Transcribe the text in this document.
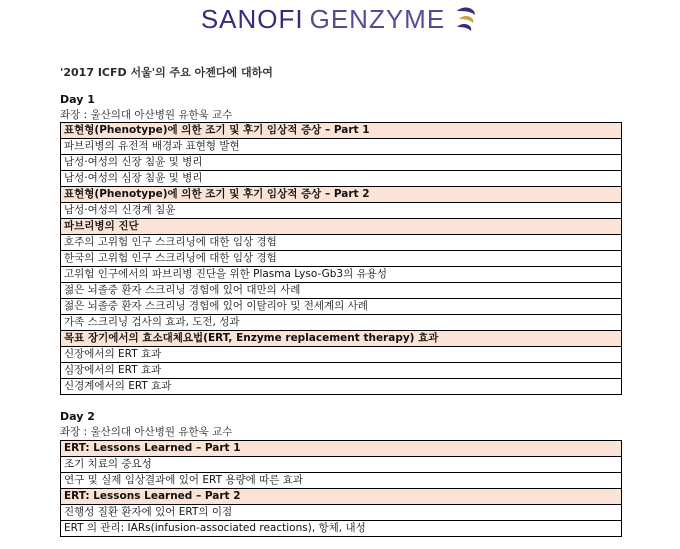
SANOFI GENZYME
'2017 ICFD 서울'의 주요 아젠다에 대하여
Day 1
좌장 : 울산의대 아산병원 유한욱 교수
표현형(Phenotype)에 의한 조기 및 후기 임상적 증상 – Part 1
파브리병의 유전적 배경과 표현형 발현
남성·여성의 신장 침윤 및 병리
남성·여성의 심장 침윤 및 병리
표현형(Phenotype)에 의한 조기 및 후기 임상적 증상 – Part 2
남성·여성의 신경계 침윤
파브리병의 진단
호주의 고위험 인구 스크리닝에 대한 임상 경험
한국의 고위험 인구 스크리닝에 대한 임상 경험
고위험 인구에서의 파브리병 진단을 위한 Plasma Lyso-Gb3의 유용성
젊은 뇌졸중 환자 스크리닝 경험에 있어 대만의 사례
젊은 뇌졸중 환자 스크리닝 경험에 있어 이탈리아 및 전세계의 사례
가족 스크리닝 검사의 효과, 도전, 성과
목표 장기에서의 효소대체요법(ERT, Enzyme replacement therapy) 효과
신장에서의 ERT 효과
심장에서의 ERT 효과
신경계에서의 ERT 효과
Day 2
좌장 : 울산의대 아산병원 유한욱 교수
ERT: Lessons Learned – Part 1
조기 치료의 중요성
연구 및 실제 임상결과에 있어 ERT 용량에 따른 효과
ERT: Lessons Learned – Part 2
진행성 질환 환자에 있어 ERT의 이점
ERT 의 관리: IARs(infusion-associated reactions), 항체, 내성
